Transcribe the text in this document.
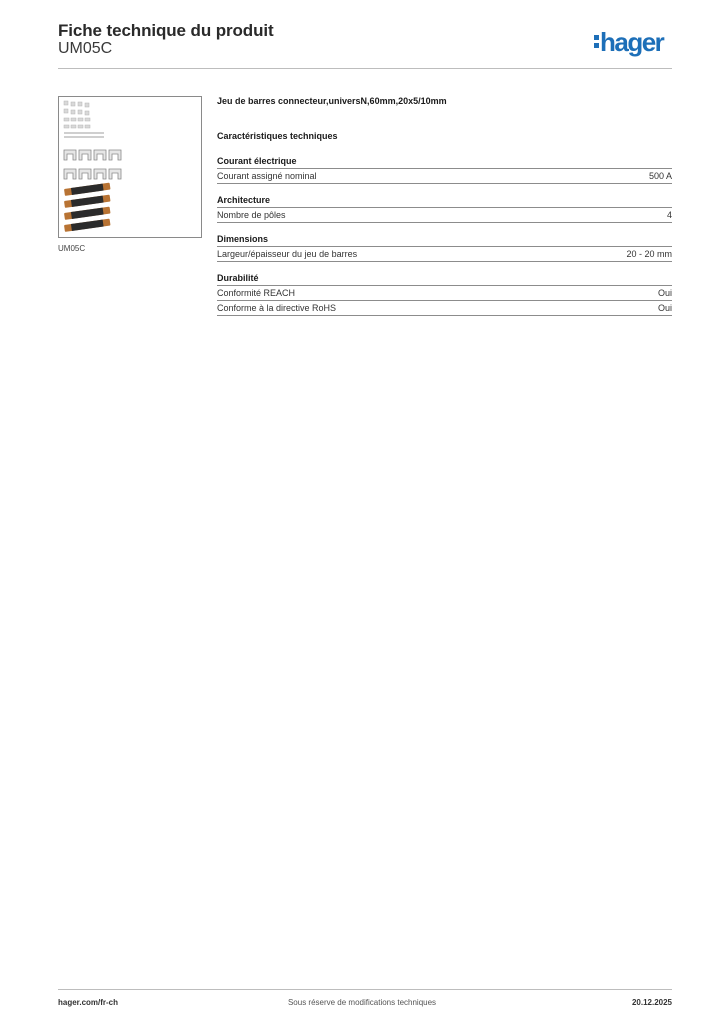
Fiche technique du produit
UM05C	hager
UM05C
Jeu de barres connecteur,universN,60mm,20x5/10mm
Caractéristiques techniques
Courant électrique
Courant assigné nominal	500 A
Architecture
Nombre de pôles	4
Dimensions
Largeur/épaisseur du jeu de barres	20 - 20 mm
Durabilité
Conformité REACH	Oui
Conforme à la directive RoHS	Oui
hager.com/fr-ch	Sous réserve de modifications techniques	20.12.2025
